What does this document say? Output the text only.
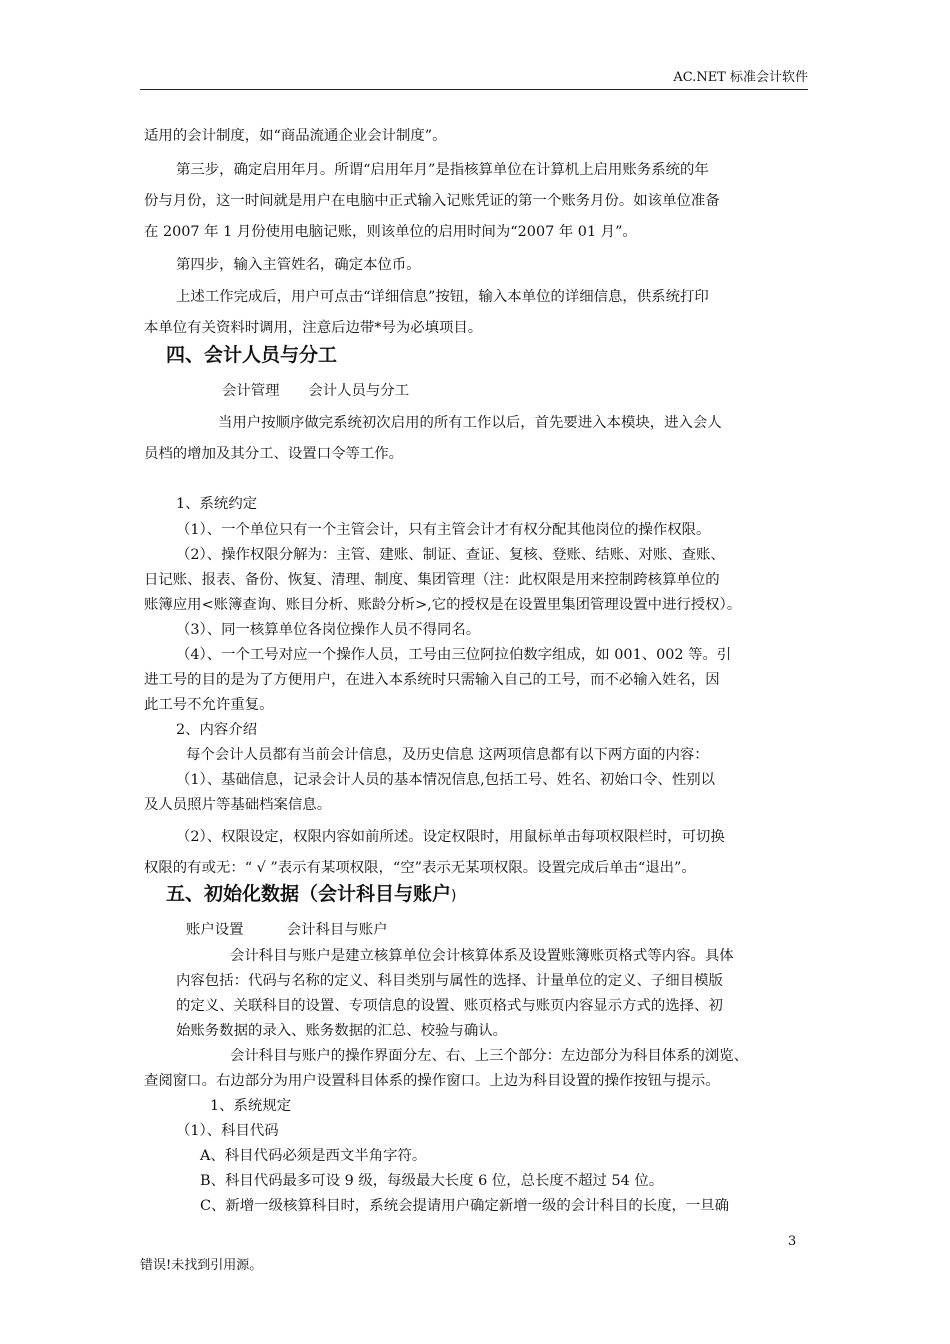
AC.NET 标准会计软件
适用的会计制度，如“商品流通企业会计制度”。
第三步，确定启用年月。所谓“启用年月”是指核算单位在计算机上启用账务系统的年
份与月份，这一时间就是用户在电脑中正式输入记账凭证的第一个账务月份。如该单位准备
在 2007 年 1 月份使用电脑记账，则该单位的启用时间为“2007 年 01 月”。
第四步，输入主管姓名，确定本位币。
上述工作完成后，用户可点击“详细信息”按钮，输入本单位的详细信息，供系统打印
本单位有关资料时调用，注意后边带*号为必填项目。
四、会计人员与分工
会计管理　　会计人员与分工
当用户按顺序做完系统初次启用的所有工作以后，首先要进入本模块，进入会人
员档的增加及其分工、设置口令等工作。
1、系统约定
（1）、一个单位只有一个主管会计，只有主管会计才有权分配其他岗位的操作权限。
（2）、操作权限分解为：主管、建账、制证、查证、复核、登账、结账、对账、查账、
日记账、报表、备份、恢复、清理、制度、集团管理（注：此权限是用来控制跨核算单位的
账簿应用<账簿查询、账目分析、账龄分析>,它的授权是在设置里集团管理设置中进行授权）。
（3）、同一核算单位各岗位操作人员不得同名。
（4）、一个工号对应一个操作人员，工号由三位阿拉伯数字组成，如 001、002 等。引
进工号的目的是为了方便用户，在进入本系统时只需输入自己的工号，而不必输入姓名，因
此工号不允许重复。
2、内容介绍
每个会计人员都有当前会计信息，及历史信息 这两项信息都有以下两方面的内容：
（1）、基础信息，记录会计人员的基本情况信息,包括工号、姓名、初始口令、性别以
及人员照片等基础档案信息。
（2）、权限设定，权限内容如前所述。设定权限时，用鼠标单击每项权限栏时，可切换
权限的有或无：“ √ ”表示有某项权限，“空”表示无某项权限。设置完成后单击“退出”。
五、初始化数据（会计科目与账户)
账户设置　　　会计科目与账户
会计科目与账户是建立核算单位会计核算体系及设置账簿账页格式等内容。具体
内容包括：代码与名称的定义、科目类别与属性的选择、计量单位的定义、子细目模版
的定义、关联科目的设置、专项信息的设置、账页格式与账页内容显示方式的选择、初
始账务数据的录入、账务数据的汇总、校验与确认。
会计科目与账户的操作界面分左、右、上三个部分：左边部分为科目体系的浏览、
查阅窗口。右边部分为用户设置科目体系的操作窗口。上边为科目设置的操作按钮与提示。
1、系统规定
（1）、科目代码
A、科目代码必须是西文半角字符。
B、科目代码最多可设 9 级，每级最大长度 6 位，总长度不超过 54 位。
C、新增一级核算科目时，系统会提请用户确定新增一级的会计科目的长度，一旦确
3
错误!未找到引用源。
